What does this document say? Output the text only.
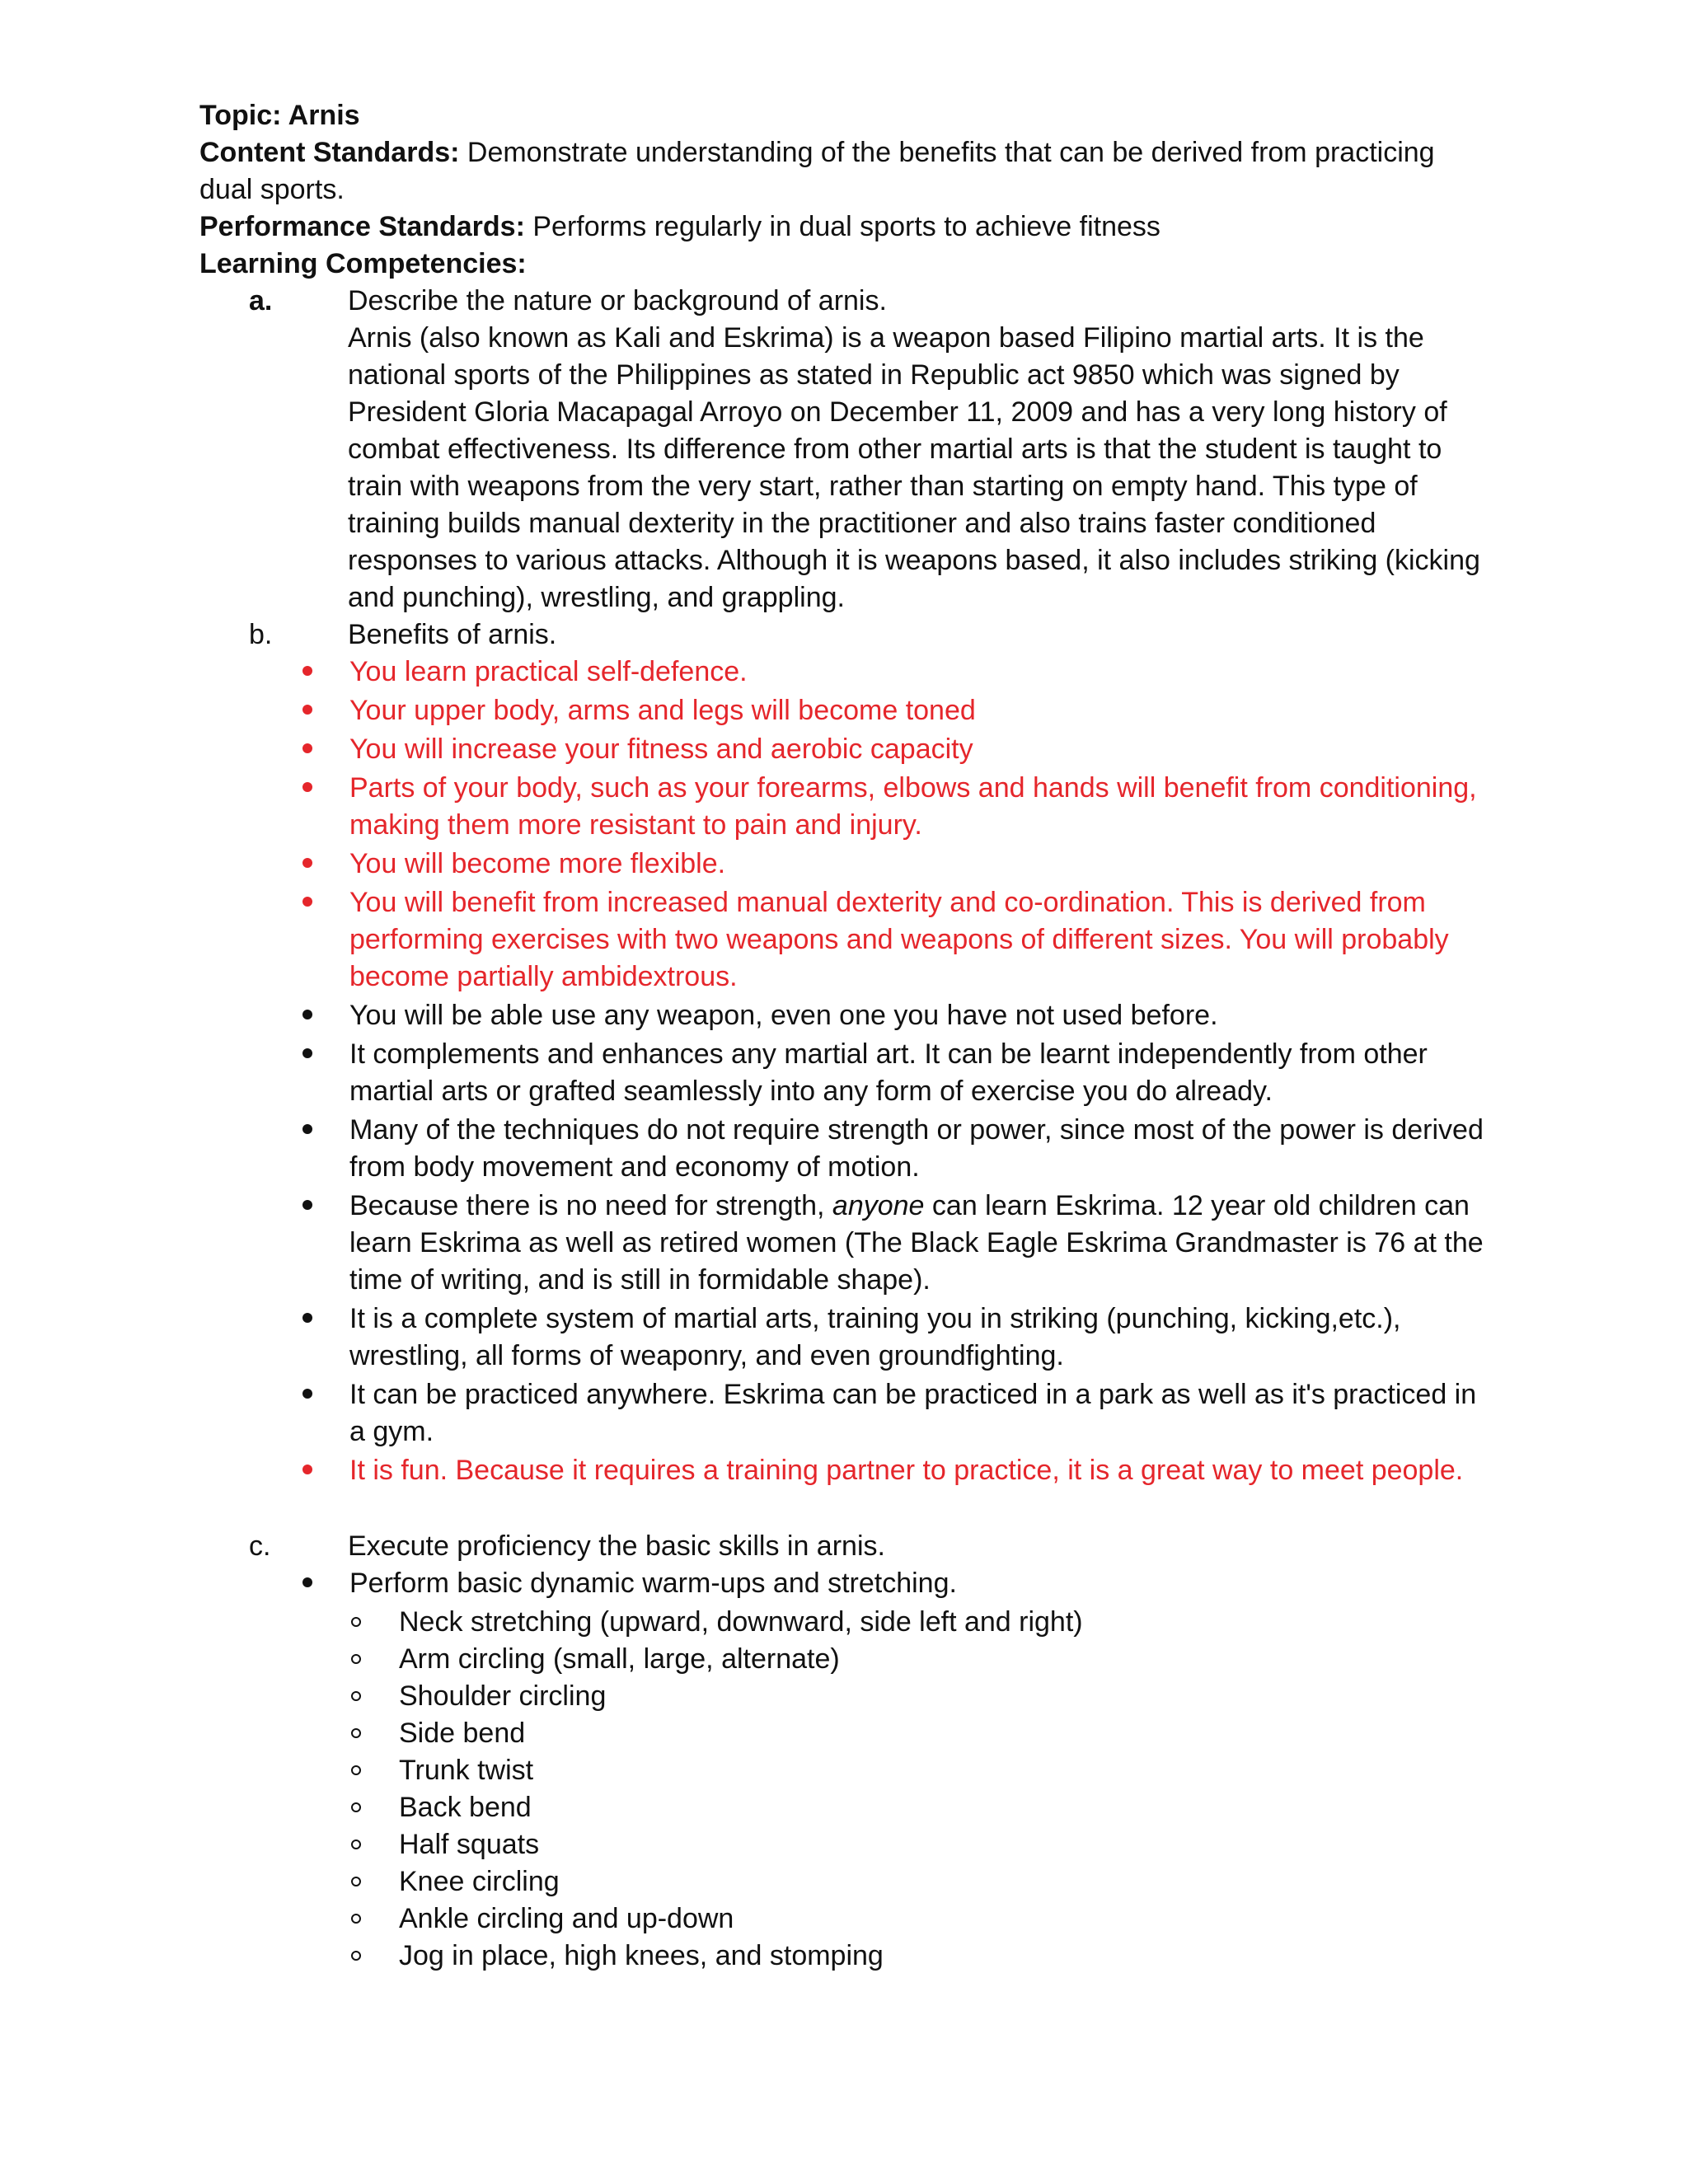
Topic: Arnis

Content Standards: Demonstrate understanding of the benefits that can be derived from practicing dual sports.

Performance Standards: Performs regularly in dual sports to achieve fitness

Learning Competencies:

a.	Describe the nature or background of arnis.

Arnis (also known as Kali and Eskrima) is a weapon based Filipino martial arts. It is the national sports of the Philippines as stated in Republic act 9850 which was signed by President Gloria Macapagal Arroyo on December 11, 2009 and has a very long history of combat effectiveness. Its difference from other martial arts is that the student is taught to train with weapons from the very start, rather than starting on empty hand. This type of training builds manual dexterity in the practitioner and also trains faster conditioned responses to various attacks. Although it is weapons based, it also includes striking (kicking and punching), wrestling, and grappling.

b.	Benefits of arnis.

You learn practical self-defence.
Your upper body, arms and legs will become toned
You will increase your fitness and aerobic capacity
Parts of your body, such as your forearms, elbows and hands will benefit from conditioning, making them more resistant to pain and injury.
You will become more flexible.
You will benefit from increased manual dexterity and co-ordination. This is derived from performing exercises with two weapons and weapons of different sizes. You will probably become partially ambidextrous.
You will be able use any weapon, even one you have not used before.
It complements and enhances any martial art. It can be learnt independently from other martial arts or grafted seamlessly into any form of exercise you do already.
Many of the techniques do not require strength or power, since most of the power is derived from body movement and economy of motion.
Because there is no need for strength, anyone can learn Eskrima. 12 year old children can learn Eskrima as well as retired women (The Black Eagle Eskrima Grandmaster is 76 at the time of writing, and is still in formidable shape).
It is a complete system of martial arts, training you in striking (punching, kicking,etc.), wrestling, all forms of weaponry, and even groundfighting.
It can be practiced anywhere. Eskrima can be practiced in a park as well as it's practiced in a gym.
It is fun. Because it requires a training partner to practice, it is a great way to meet people.
c.	Execute proficiency the basic skills in arnis.

Perform basic dynamic warm-ups and stretching.
Neck stretching (upward, downward, side left and right)
Arm circling (small, large, alternate)
Shoulder circling
Side bend
Trunk twist
Back bend
Half squats
Knee circling
Ankle circling and up-down
Jog in place, high knees, and stomping
